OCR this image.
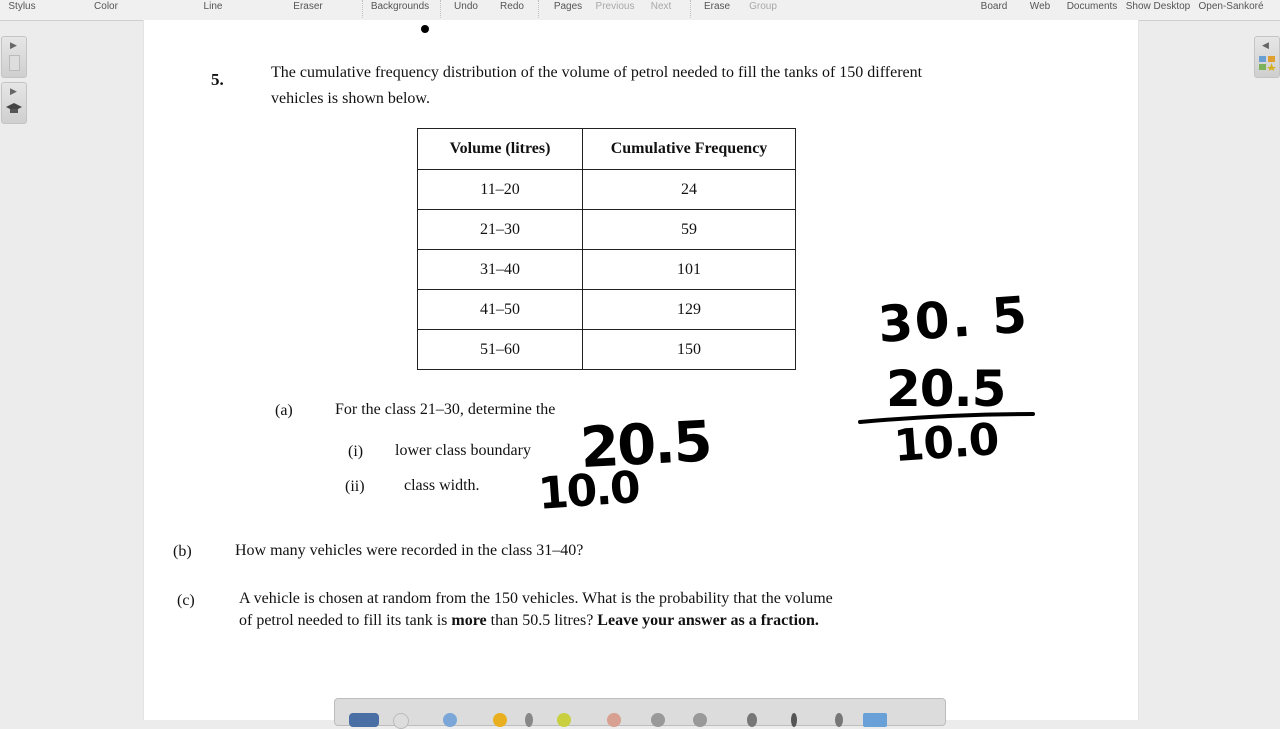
Stylus	Color	Line	Eraser	Backgrounds Undo Redo	Pages Previous Next	Erase Group	Board Web Documents Show Desktop Open-Sankoré
▶
▶
◀
5.	The cumulative frequency distribution of the volume of petrol needed to fill the tanks of 150 different
vehicles is shown below.
Volume (litres)	Cumulative Frequency
11–20	24
21–30	59
31–40	101
41–50	129
51–60	150
(a)	For the class 21–30, determine the
(i) lower class boundary
(ii) class width.
(b)	How many vehicles were recorded in the class 31–40?
(c)	A vehicle is chosen at random from the 150 vehicles. What is the probability that the volume
of petrol needed to fill its tank is more than 50.5 litres? Leave your answer as a fraction.
20.5
10.0
30. 5
20.5
10.0
